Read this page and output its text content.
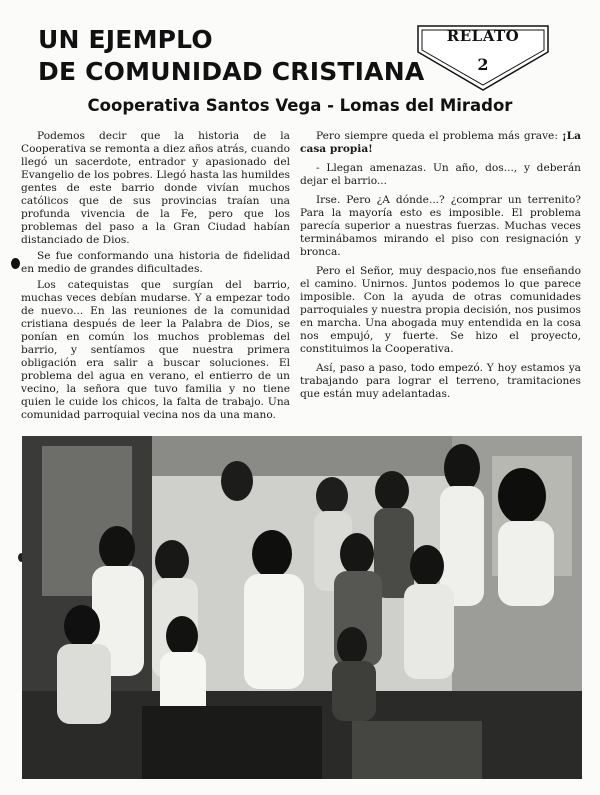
UN EJEMPLO
DE COMUNIDAD CRISTIANA
RELATO
2
Cooperativa Santos Vega - Lomas del Mirador

Podemos decir que la historia de la Cooperativa se remonta a diez años atrás, cuando llegó un sacerdote, entrador y apasionado del Evangelio de los pobres. Llegó hasta las humildes gentes de este barrio donde vivían muchos católicos que de sus provincias traían una profunda vivencia de la Fe, pero que los problemas del paso a la Gran Ciudad habían distanciado de Dios.

Se fue conformando una historia de fidelidad en medio de grandes dificultades.

Los catequistas que surgían del barrio, muchas veces debían mudarse. Y a empezar todo de nuevo... En las reuniones de la comunidad cristiana después de leer la Palabra de Dios, se ponían en común los muchos problemas del barrio, y sentíamos que nuestra primera obligación era salir a buscar soluciones. El problema del agua en verano, el entierro de un vecino, la señora que tuvo familia y no tiene quien le cuide los chicos, la falta de trabajo. Una comunidad parroquial vecina nos da una mano.

Pero siempre queda el problema más grave: ¡La casa propia!

- Llegan amenazas. Un año, dos..., y deberán dejar el barrio...

Irse. Pero ¿A dónde...? ¿comprar un terrenito? Para la mayoría esto es imposible. El problema parecía superior a nuestras fuerzas. Muchas veces terminábamos mirando el piso con resignación y bronca.

Pero el Señor, muy despacio,nos fue enseñando el camino. Unirnos. Juntos podemos lo que parece imposible. Con la ayuda de otras comunidades parroquiales y nuestra propia decisión, nos pusimos en marcha. Una abogada muy entendida en la cosa nos empujó, y fuerte. Se hizo el proyecto, constituimos la Cooperativa.

Así, paso a paso, todo empezó. Y hoy estamos ya trabajando para lograr el terreno, tramitaciones que están muy adelantadas.
